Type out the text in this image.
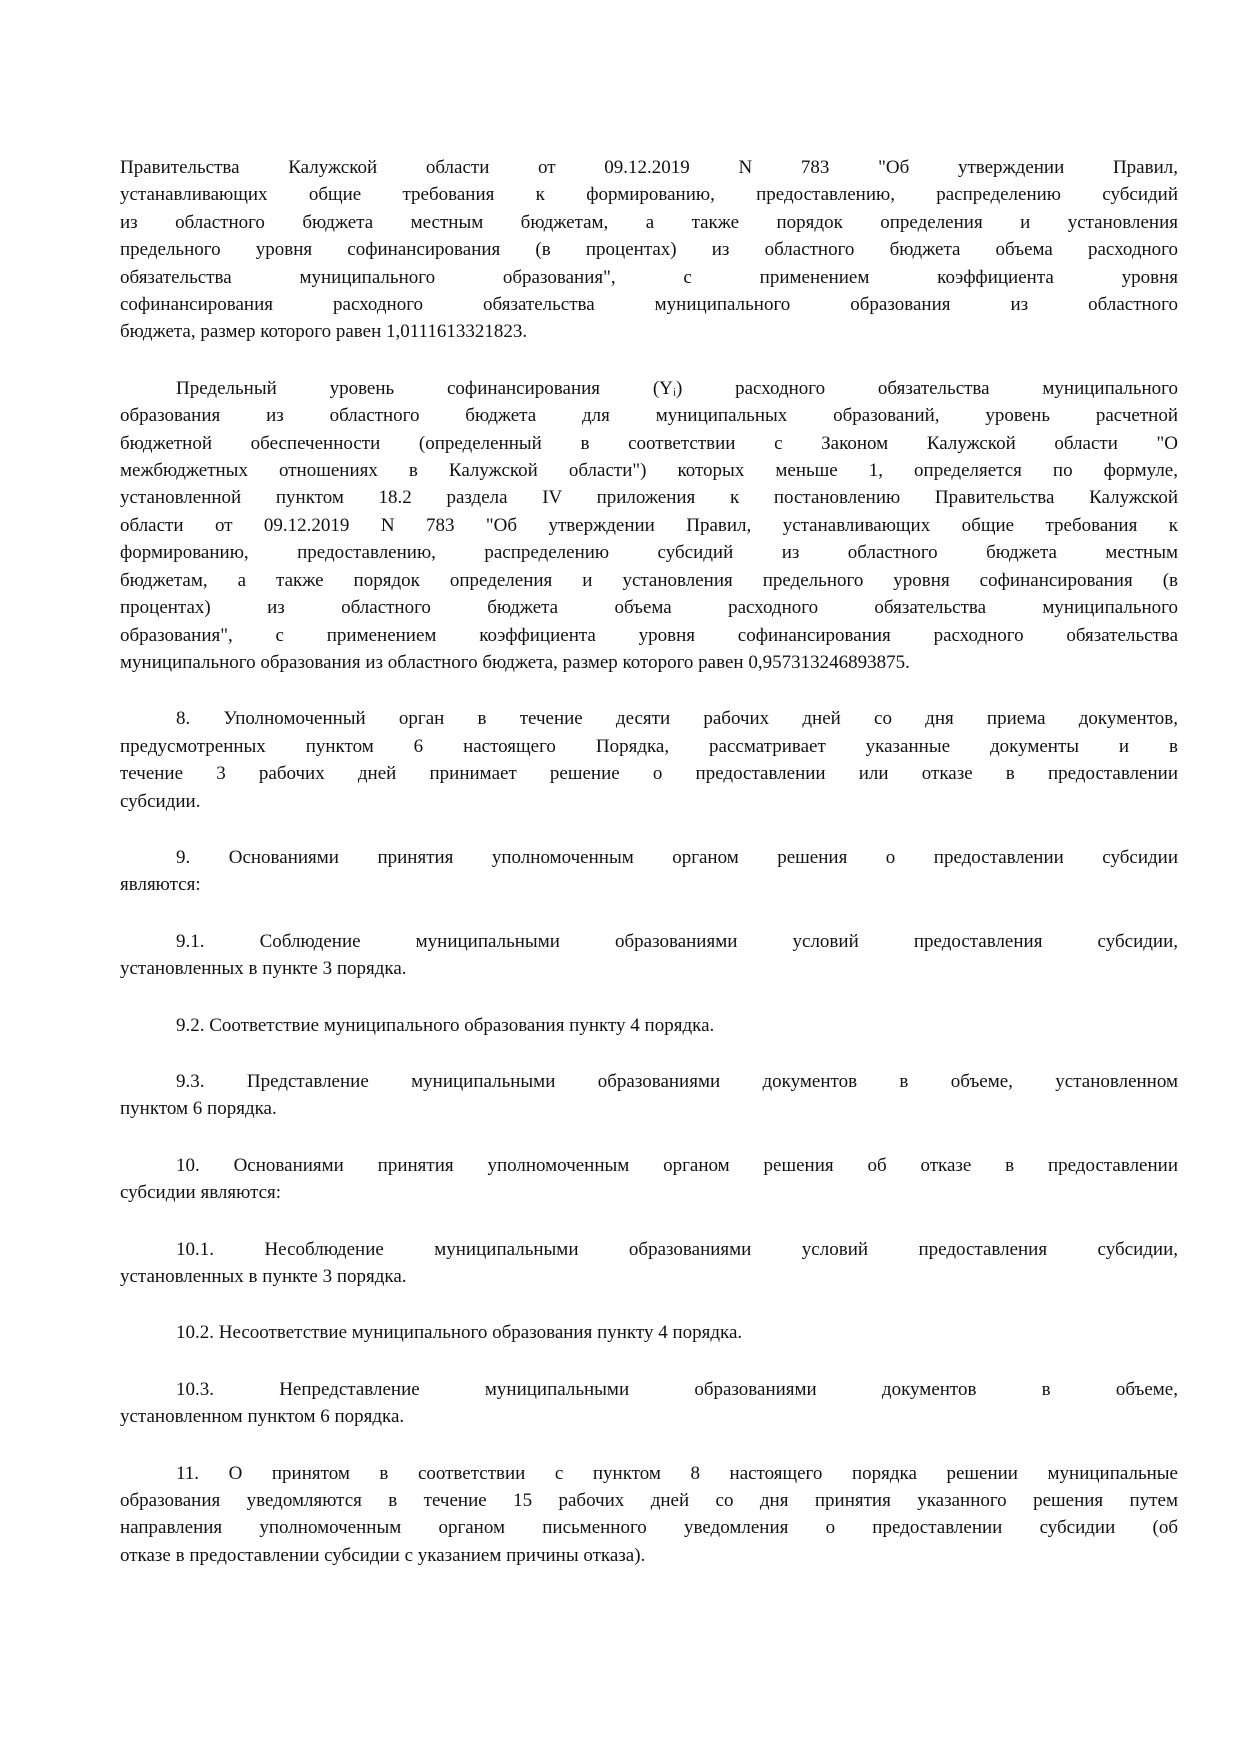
Правительства Калужской области от 09.12.2019 N 783 "Об утверждении Правил,
устанавливающих общие требования к формированию, предоставлению, распределению субсидий
из областного бюджета местным бюджетам, а также порядок определения и установления
предельного уровня софинансирования (в процентах) из областного бюджета объема расходного
обязательства муниципального образования", с применением коэффициента уровня
софинансирования расходного обязательства муниципального образования из областного
бюджета, размер которого равен 1,0111613321823.
Предельный уровень софинансирования (Yᵢ) расходного обязательства муниципального
образования из областного бюджета для муниципальных образований, уровень расчетной
бюджетной обеспеченности (определенный в соответствии с Законом Калужской области "О
межбюджетных отношениях в Калужской области") которых меньше 1, определяется по формуле,
установленной пунктом 18.2 раздела IV приложения к постановлению Правительства Калужской
области от 09.12.2019 N 783 "Об утверждении Правил, устанавливающих общие требования к
формированию, предоставлению, распределению субсидий из областного бюджета местным
бюджетам, а также порядок определения и установления предельного уровня софинансирования (в
процентах) из областного бюджета объема расходного обязательства муниципального
образования", с применением коэффициента уровня софинансирования расходного обязательства
муниципального образования из областного бюджета, размер которого равен 0,957313246893875.
8. Уполномоченный орган в течение десяти рабочих дней со дня приема документов,
предусмотренных пунктом 6 настоящего Порядка, рассматривает указанные документы и в
течение 3 рабочих дней принимает решение о предоставлении или отказе в предоставлении
субсидии.
9. Основаниями принятия уполномоченным органом решения о предоставлении субсидии
являются:
9.1. Соблюдение муниципальными образованиями условий предоставления субсидии,
установленных в пункте 3 порядка.
9.2. Соответствие муниципального образования пункту 4 порядка.
9.3. Представление муниципальными образованиями документов в объеме, установленном
пунктом 6 порядка.
10. Основаниями принятия уполномоченным органом решения об отказе в предоставлении
субсидии являются:
10.1. Несоблюдение муниципальными образованиями условий предоставления субсидии,
установленных в пункте 3 порядка.
10.2. Несоответствие муниципального образования пункту 4 порядка.
10.3. Непредставление муниципальными образованиями документов в объеме,
установленном пунктом 6 порядка.
11. О принятом в соответствии с пунктом 8 настоящего порядка решении муниципальные
образования уведомляются в течение 15 рабочих дней со дня принятия указанного решения путем
направления уполномоченным органом письменного уведомления о предоставлении субсидии (об
отказе в предоставлении субсидии с указанием причины отказа).
